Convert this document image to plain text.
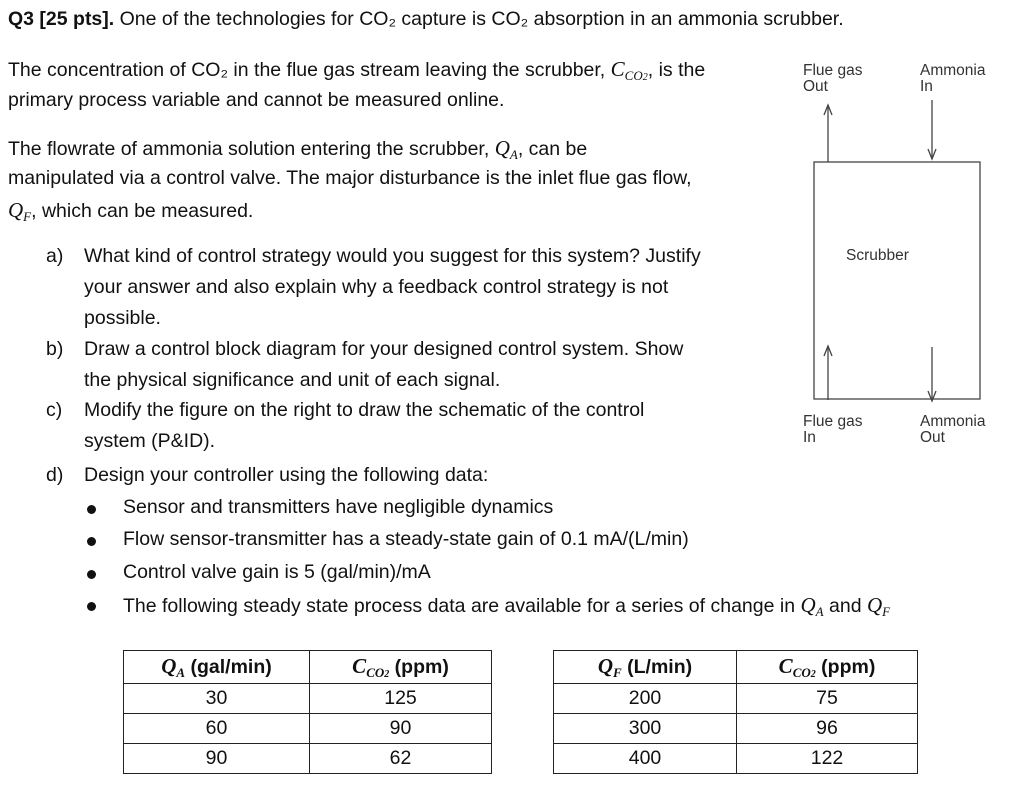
Q3 [25 pts]. One of the technologies for CO₂ capture is CO₂ absorption in an ammonia scrubber.
The concentration of CO₂ in the flue gas stream leaving the scrubber, $C_{CO2}$, is the
primary process variable and cannot be measured online.
The flowrate of ammonia solution entering the scrubber, $Q_A$, can be
manipulated via a control valve. The major disturbance is the inlet flue gas flow,
$Q_F$, which can be measured.
a) What kind of control strategy would you suggest for this system? Justify
your answer and also explain why a feedback control strategy is not
possible.
b) Draw a control block diagram for your designed control system. Show
the physical significance and unit of each signal.
c) Modify the figure on the right to draw the schematic of the control
system (P&ID).
d) Design your controller using the following data:
Sensor and transmitters have negligible dynamics
Flow sensor-transmitter has a steady-state gain of 0.1 mA/(L/min)
Control valve gain is 5 (gal/min)/mA
The following steady state process data are available for a series of change in $Q_A$ and $Q_F$
Flue gas
Out
Ammonia
In
Scrubber
Flue gas
In
Ammonia
Out
$Q_A$ (gal/min)	$C_{CO2}$ (ppm)
30	125
60	90
90	62
$Q_F$ (L/min)	$C_{CO2}$ (ppm)
200	75
300	96
400	122
